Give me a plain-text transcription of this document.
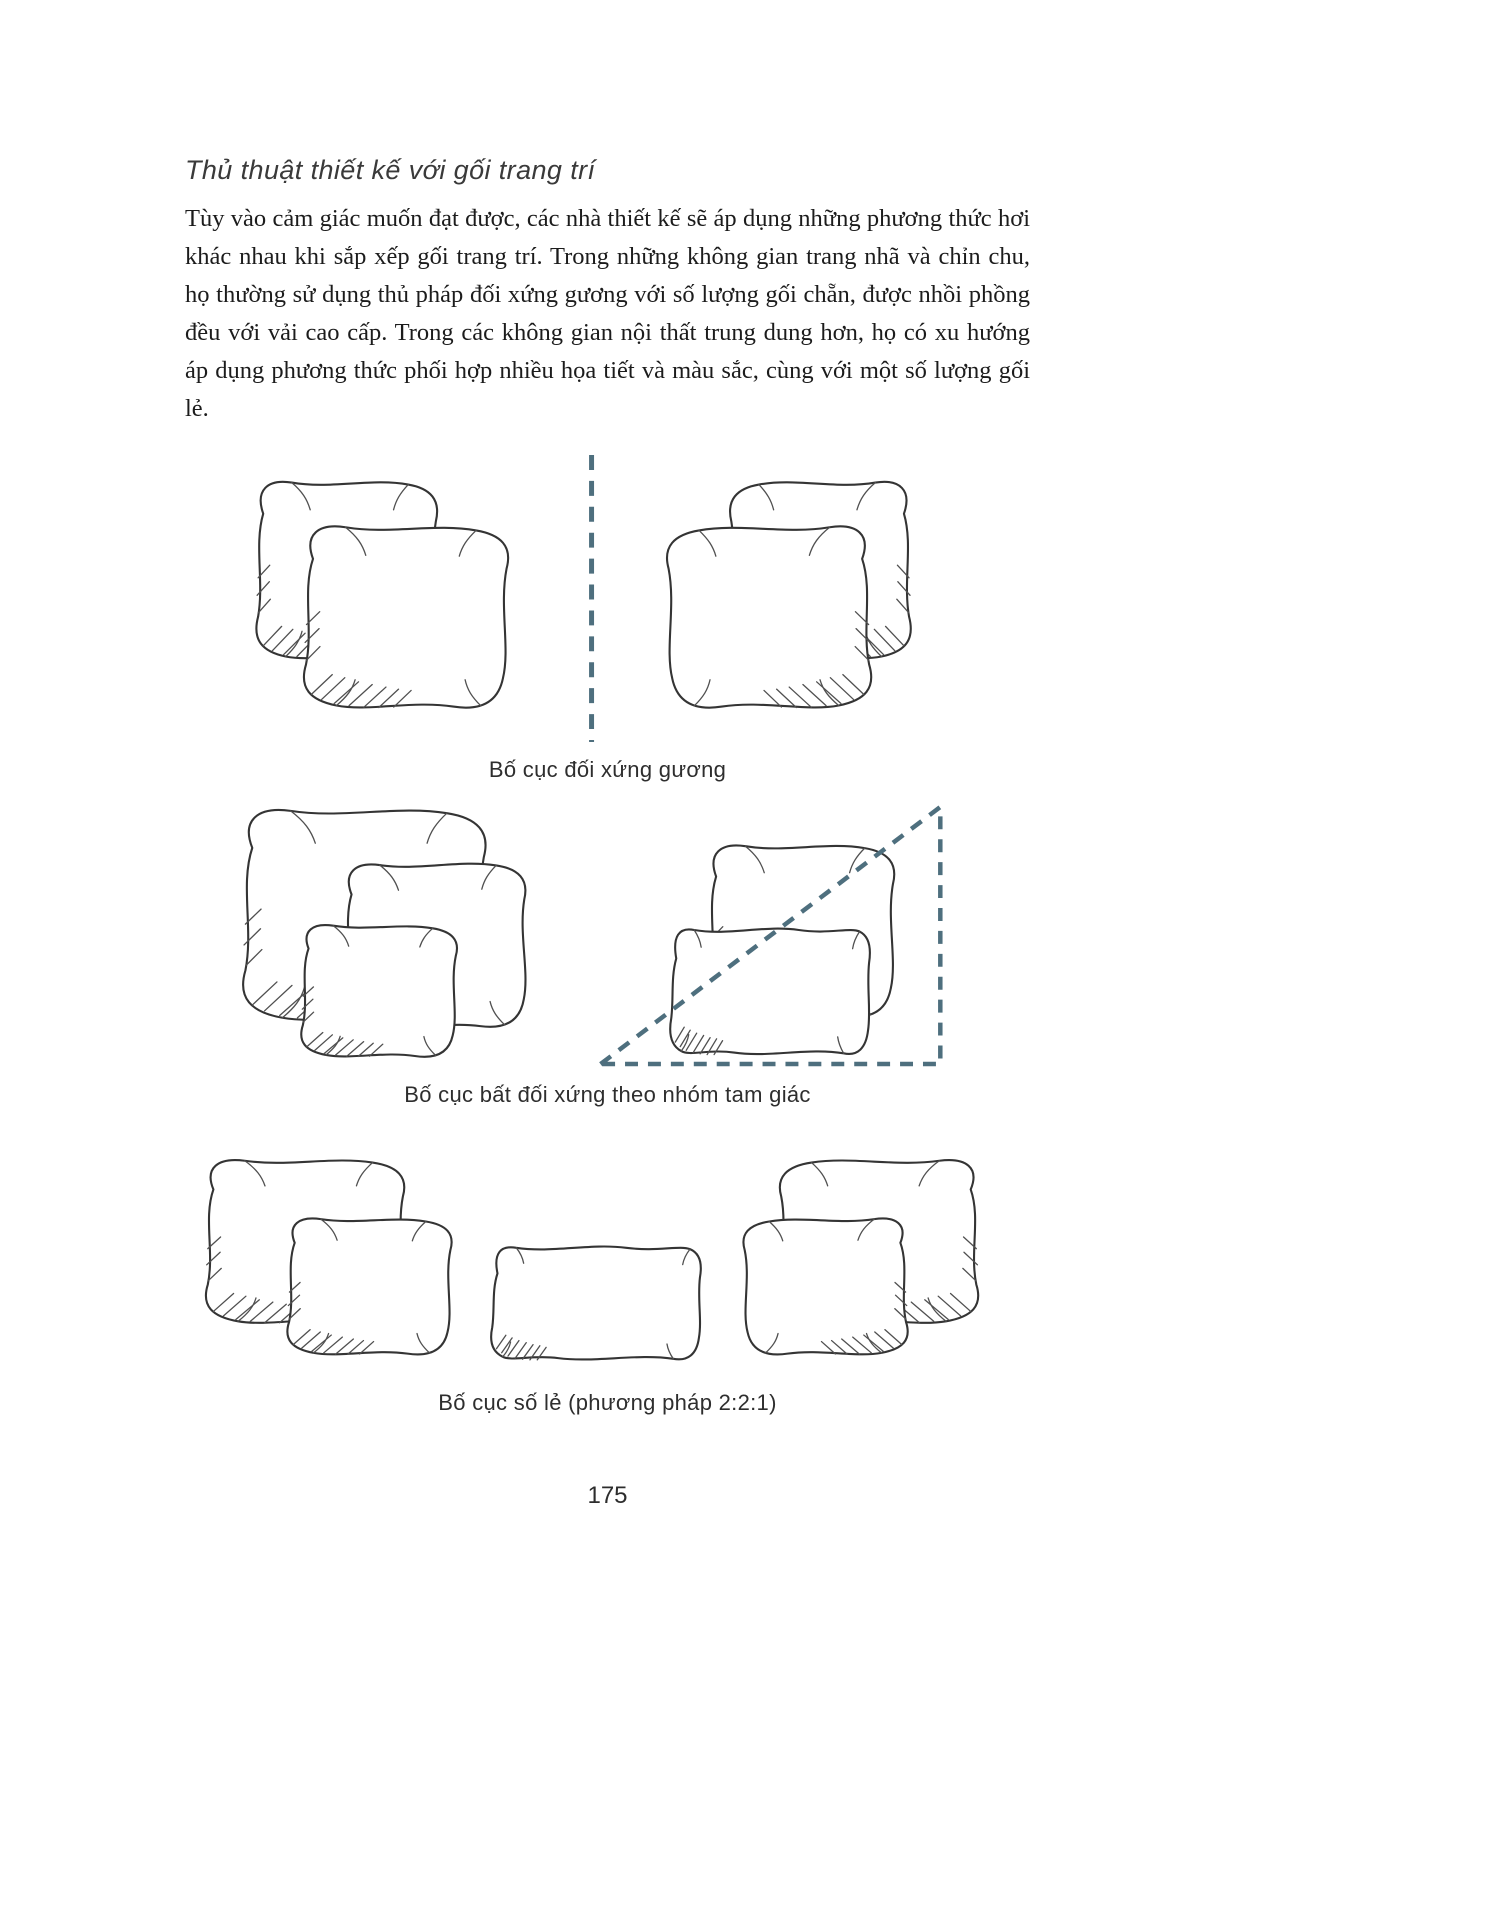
Thủ thuật thiết kế với gối trang trí

Tùy vào cảm giác muốn đạt được, các nhà thiết kế sẽ áp dụng những phương thức hơi khác nhau khi sắp xếp gối trang trí. Trong những không gian trang nhã và chỉn chu, họ thường sử dụng thủ pháp đối xứng gương với số lượng gối chẵn, được nhồi phồng đều với vải cao cấp. Trong các không gian nội thất trung dung hơn, họ có xu hướng áp dụng phương thức phối hợp nhiều họa tiết và màu sắc, cùng với một số lượng gối lẻ.

Bố cục đối xứng gương
Bố cục bất đối xứng theo nhóm tam giác
Bố cục số lẻ (phương pháp 2:2:1)
175
